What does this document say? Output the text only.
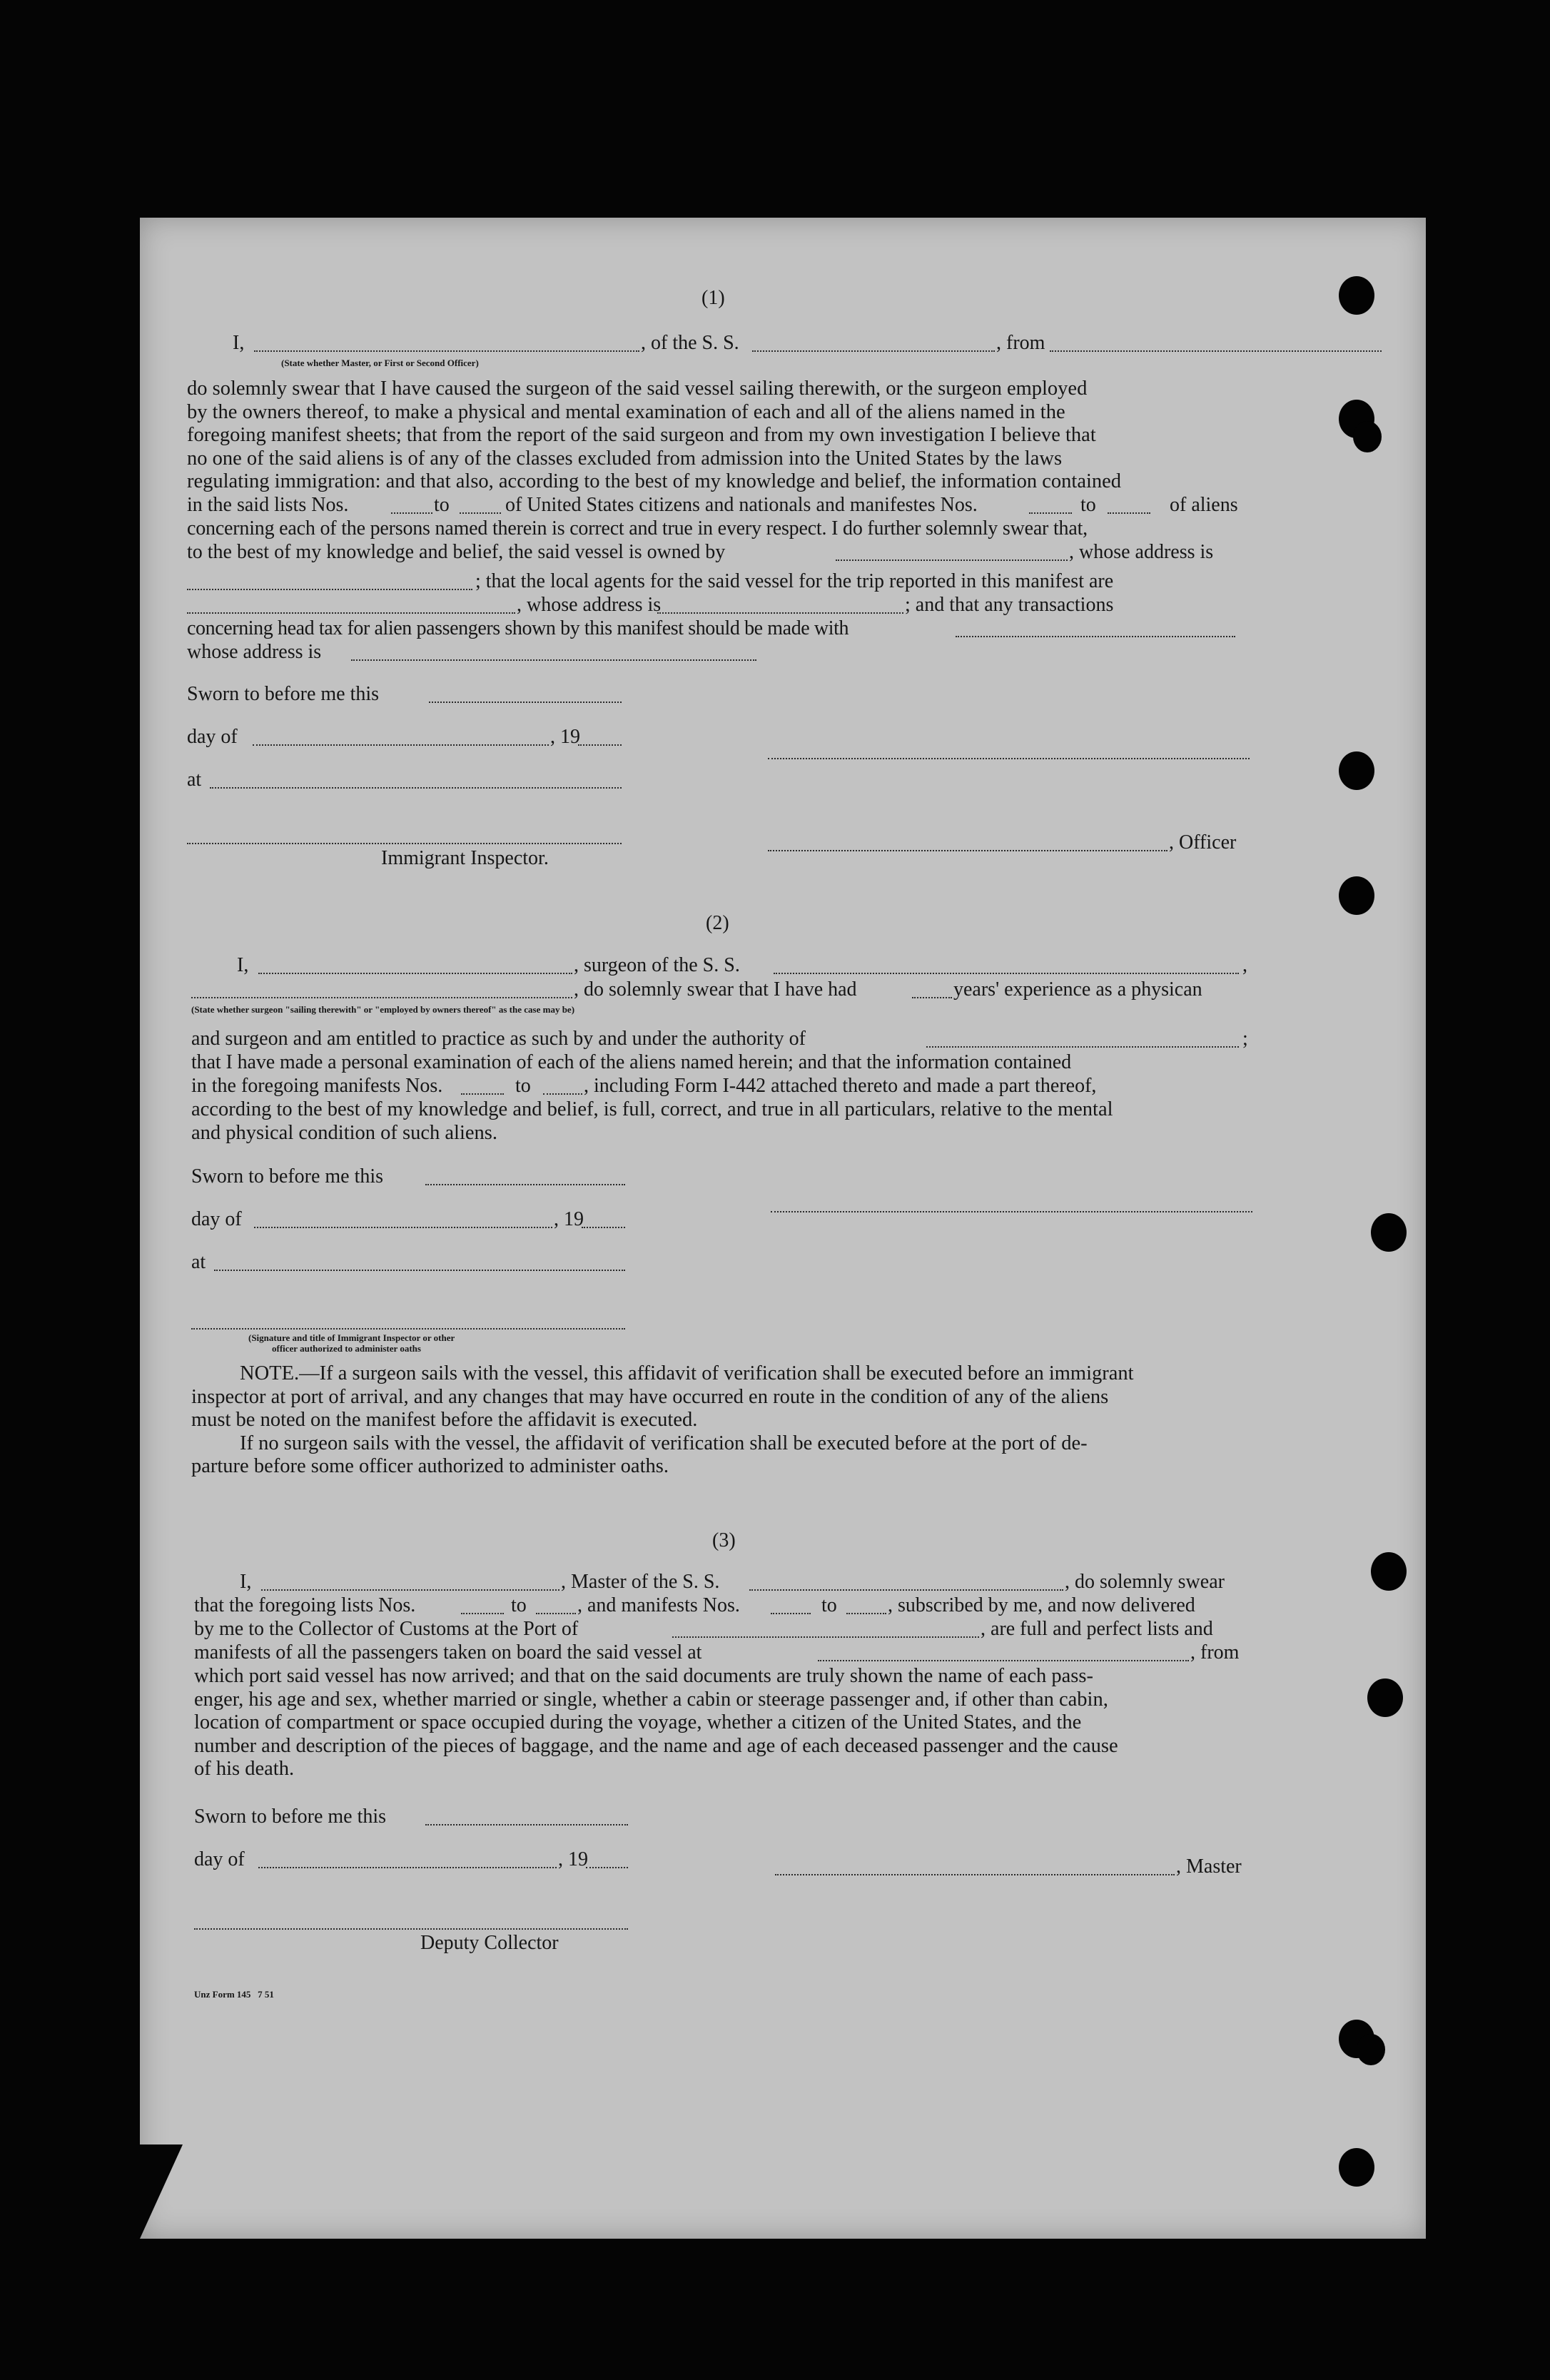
(1)
I,	, of the S. S.	, from
(State whether Master, or First or Second Officer)
do solemnly swear that I have caused the surgeon of the said vessel sailing therewith, or the surgeon employed
by the owners thereof, to make a physical and mental examination of each and all of the aliens named in the
foregoing manifest sheets; that from the report of the said surgeon and from my own investigation I believe that
no one of the said aliens is of any of the classes excluded from admission into the United States by the laws
regulating immigration: and that also, according to the best of my knowledge and belief, the information contained
in the said lists Nos.	to	of United States citizens and nationals and manifestes Nos.	to	of aliens
concerning each of the persons named therein is correct and true in every respect. I do further solemnly swear that,
to the best of my knowledge and belief, the said vessel is owned by	, whose address is
; that the local agents for the said vessel for the trip reported in this manifest are
, whose address is	; and that any transactions
concerning head tax for alien passengers shown by this manifest should be made with
whose address is
Sworn to before me this
day of	, 19
at
, Officer
Immigrant Inspector.
(2)
I,	, surgeon of the S. S.	,
, do solemnly swear that I have had	years' experience as a physican
(State whether surgeon "sailing therewith" or "employed by owners thereof" as the case may be)
and surgeon and am entitled to practice as such by and under the authority of	;
that I have made a personal examination of each of the aliens named herein; and that the information contained
in the foregoing manifests Nos.	to	, including Form I-442 attached thereto and made a part thereof,
according to the best of my knowledge and belief, is full, correct, and true in all particulars, relative to the mental
and physical condition of such aliens.
Sworn to before me this
day of	, 19
at
(Signature and title of Immigrant Inspector or other
officer authorized to administer oaths
NOTE.—If a surgeon sails with the vessel, this affidavit of verification shall be executed before an immigrant
inspector at port of arrival, and any changes that may have occurred en route in the condition of any of the aliens
must be noted on the manifest before the affidavit is executed.
If no surgeon sails with the vessel, the affidavit of verification shall be executed before at the port of de-
parture before some officer authorized to administer oaths.
(3)
I,	, Master of the S. S.	, do solemnly swear
that the foregoing lists Nos.	to	, and manifests Nos.	to	, subscribed by me, and now delivered
by me to the Collector of Customs at the Port of	, are full and perfect lists and
manifests of all the passengers taken on board the said vessel at	, from
which port said vessel has now arrived; and that on the said documents are truly shown the name of each pass-
enger, his age and sex, whether married or single, whether a cabin or steerage passenger and, if other than cabin,
location of compartment or space occupied during the voyage, whether a citizen of the United States, and the
number and description of the pieces of baggage, and the name and age of each deceased passenger and the cause
of his death.
Sworn to before me this
day of	, 19	, Master
Deputy Collector
Unz Form 145   7 51
